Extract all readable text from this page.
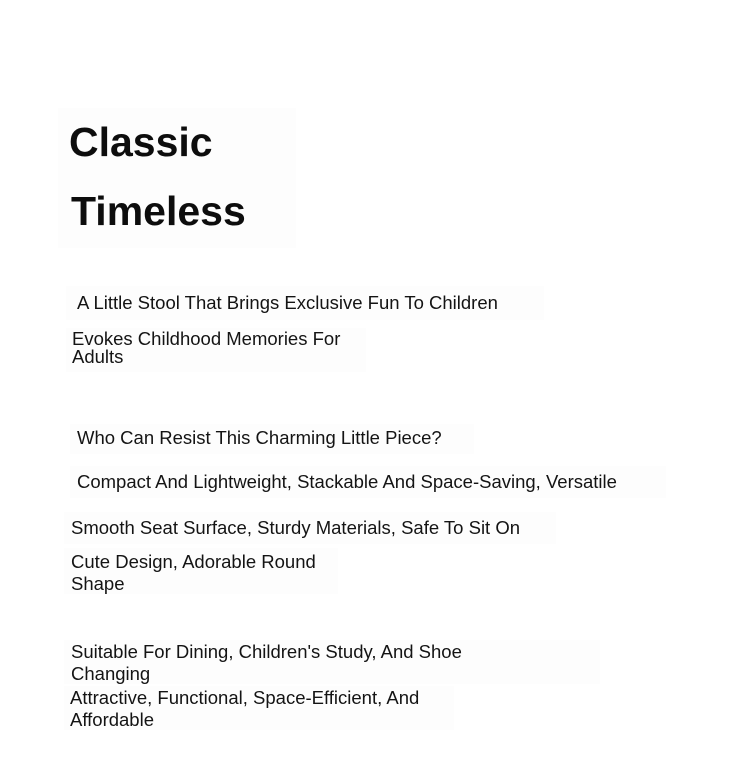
Classic
Timeless
A Little Stool That Brings Exclusive Fun To Children
Evokes Childhood Memories For Adults
Who Can Resist This Charming Little Piece?
Compact And Lightweight, Stackable And Space-Saving, Versatile
Smooth Seat Surface, Sturdy Materials, Safe To Sit On
Cute Design, Adorable Round Shape
Suitable For Dining, Children's Study, And Shoe Changing
Attractive, Functional, Space-Efficient, And Affordable
